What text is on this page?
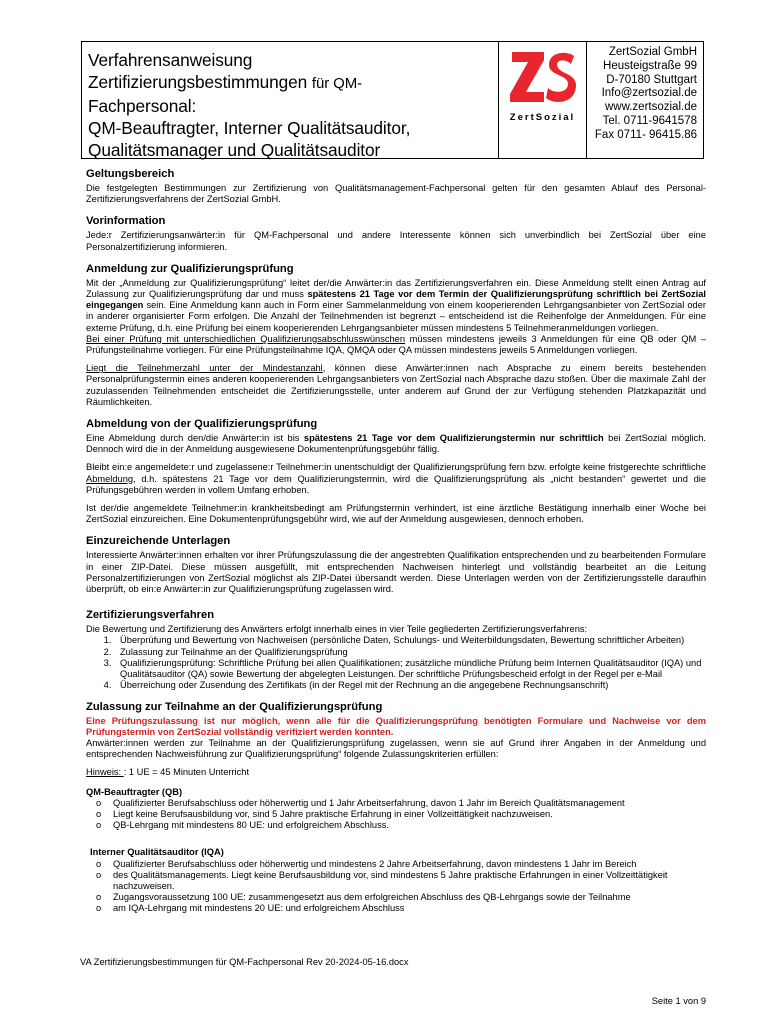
Verfahrensanweisung
Zertifizierungsbestimmungen für QM-
Fachpersonal:
QM-Beauftragter, Interner Qualitätsauditor,
Qualitätsmanager und Qualitätsauditor
ZertSozial
ZertSozial GmbH
Heusteigstraße 99
D-70180 Stuttgart
Info@zertsozial.de
www.zertsozial.de
Tel. 0711-9641578
Fax 0711- 96415.86
Geltungsbereich

Die festgelegten Bestimmungen zur Zertifizierung von Qualitätsmanagement-Fachpersonal gelten für den gesamten Ablauf des Personal-Zertifizierungsverfahrens der ZertSozial GmbH.

Vorinformation

Jede:r Zertifizierungsanwärter:in für QM-Fachpersonal und andere Interessente können sich unverbindlich bei ZertSozial über eine Personalzertifizierung informieren.

Anmeldung zur Qualifizierungsprüfung

Mit der „Anmeldung zur Qualifizierungsprüfung“ leitet der/die Anwärter:in das Zertifizierungsverfahren ein. Diese Anmeldung stellt einen Antrag auf Zulassung zur Qualifizierungsprüfung dar und muss spätestens 21 Tage vor dem Termin der Qualifizierungsprüfung schriftlich bei ZertSozial eingegangen sein. Eine Anmeldung kann auch in Form einer Sammelanmeldung von einem kooperierenden Lehrgangsanbieter von ZertSozial oder in anderer organisierter Form erfolgen. Die Anzahl der Teilnehmenden ist begrenzt – entscheidend ist die Reihenfolge der Anmeldungen. Für eine externe Prüfung, d.h. eine Prüfung bei einem kooperierenden Lehrgangsanbieter müssen mindestens 5 Teilnehmeranmeldungen vorliegen.

Bei einer Prüfung mit unterschiedlichen Qualifizierungsabschlusswünschen müssen mindestens jeweils 3 Anmeldungen für eine QB oder QM – Prüfungsteilnahme vorliegen. Für eine Prüfungsteilnahme IQA, QMQA oder QA müssen mindestens jeweils 5 Anmeldungen vorliegen.

Liegt die Teilnehmerzahl unter der Mindestanzahl, können diese Anwärter:innen nach Absprache zu einem bereits bestehenden Personalprüfungstermin eines anderen kooperierenden Lehrgangsanbieters von ZertSozial nach Absprache dazu stoßen. Über die maximale Zahl der zuzulassenden Teilnehmenden entscheidet die Zertifizierungsstelle, unter anderem auf Grund der zur Verfügung stehenden Platzkapazität und Räumlichkeiten.

Abmeldung von der Qualifizierungsprüfung

Eine Abmeldung durch den/die Anwärter:in ist bis spätestens 21 Tage vor dem Qualifizierungstermin nur schriftlich bei ZertSozial möglich. Dennoch wird die in der Anmeldung ausgewiesene Dokumentenprüfungsgebühr fällig.

Bleibt ein:e angemeldete:r und zugelassene:r Teilnehmer:in unentschuldigt der Qualifizierungsprüfung fern bzw. erfolgte keine fristgerechte schriftliche Abmeldung, d.h. spätestens 21 Tage vor dem Qualifizierungstermin, wird die Qualifizierungsprüfung als „nicht bestanden“ gewertet und die Prüfungsgebühren werden in vollem Umfang erhoben.

Ist der/die angemeldete Teilnehmer:in krankheitsbedingt am Prüfungstermin verhindert, ist eine ärztliche Bestätigung innerhalb einer Woche bei ZertSozial einzureichen. Eine Dokumentenprüfungsgebühr wird, wie auf der Anmeldung ausgewiesen, dennoch erhoben.

Einzureichende Unterlagen

Interessierte Anwärter:innen erhalten vor ihrer Prüfungszulassung die der angestrebten Qualifikation entsprechenden und zu bearbeitenden Formulare in einer ZIP-Datei. Diese müssen ausgefüllt, mit entsprechenden Nachweisen hinterlegt und vollständig bearbeitet an die Leitung Personalzertifizierungen von ZertSozial möglichst als ZIP-Datei übersandt werden. Diese Unterlagen werden von der Zertifizierungsstelle daraufhin überprüft, ob ein:e Anwärter:in zur Qualifizierungsprüfung zugelassen wird.

Zertifizierungsverfahren
Die Bewertung und Zertifizierung des Anwärters erfolgt innerhalb eines in vier Teile gegliederten Zertifizierungsverfahrens:
1. Überprüfung und Bewertung von Nachweisen (persönliche Daten, Schulungs- und Weiterbildungsdaten, Bewertung schriftlicher Arbeiten)
2. Zulassung zur Teilnahme an der Qualifizierungsprüfung
3. Qualifizierungsprüfung: Schriftliche Prüfung bei allen Qualifikationen; zusätzliche mündliche Prüfung beim Internen Qualitätsauditor (IQA) und Qualitätsauditor (QA) sowie Bewertung der abgelegten Leistungen. Der schriftliche Prüfungsbescheid erfolgt in der Regel per e-Mail
4. Überreichung oder Zusendung des Zertifikats (in der Regel mit der Rechnung an die angegebene Rechnungsanschrift)
Zulassung zur Teilnahme an der Qualifizierungsprüfung

Eine Prüfungszulassung ist nur möglich, wenn alle für die Qualifizierungsprüfung benötigten Formulare und Nachweise vor dem Prüfungstermin von ZertSozial vollständig verifiziert werden konnten.

Anwärter:innen werden zur Teilnahme an der Qualifizierungsprüfung zugelassen, wenn sie auf Grund ihrer Angaben in der Anmeldung und entsprechenden Nachweisführung zur Qualifizierungsprüfung“ folgende Zulassungskriterien erfüllen:

Hinweis: : 1 UE = 45 Minuten Unterricht
QM-Beauftragter (QB)
o Qualifizierter Berufsabschluss oder höherwertig und 1 Jahr Arbeitserfahrung, davon 1 Jahr im Bereich Qualitätsmanagement
o Liegt keine Berufsausbildung vor, sind 5 Jahre praktische Erfahrung in einer Vollzeittätigkeit nachzuweisen.
o QB-Lehrgang mit mindestens 80 UE: und erfolgreichem Abschluss.
Interner Qualitätsauditor (IQA)
o Qualifizierter Berufsabschluss oder höherwertig und mindestens 2 Jahre Arbeitserfahrung, davon mindestens 1 Jahr im Bereich
o des Qualitätsmanagements. Liegt keine Berufsausbildung vor, sind mindestens 5 Jahre praktische Erfahrungen in einer Vollzeittätigkeit nachzuweisen.
o Zugangsvoraussetzung 100 UE: zusammengesetzt aus dem erfolgreichen Abschluss des QB-Lehrgangs sowie der Teilnahme
o am IQA-Lehrgang mit mindestens 20 UE: und erfolgreichem Abschluss
VA Zertifizierungsbestimmungen für QM-Fachpersonal Rev 20-2024-05-16.docx
Seite 1 von 9
